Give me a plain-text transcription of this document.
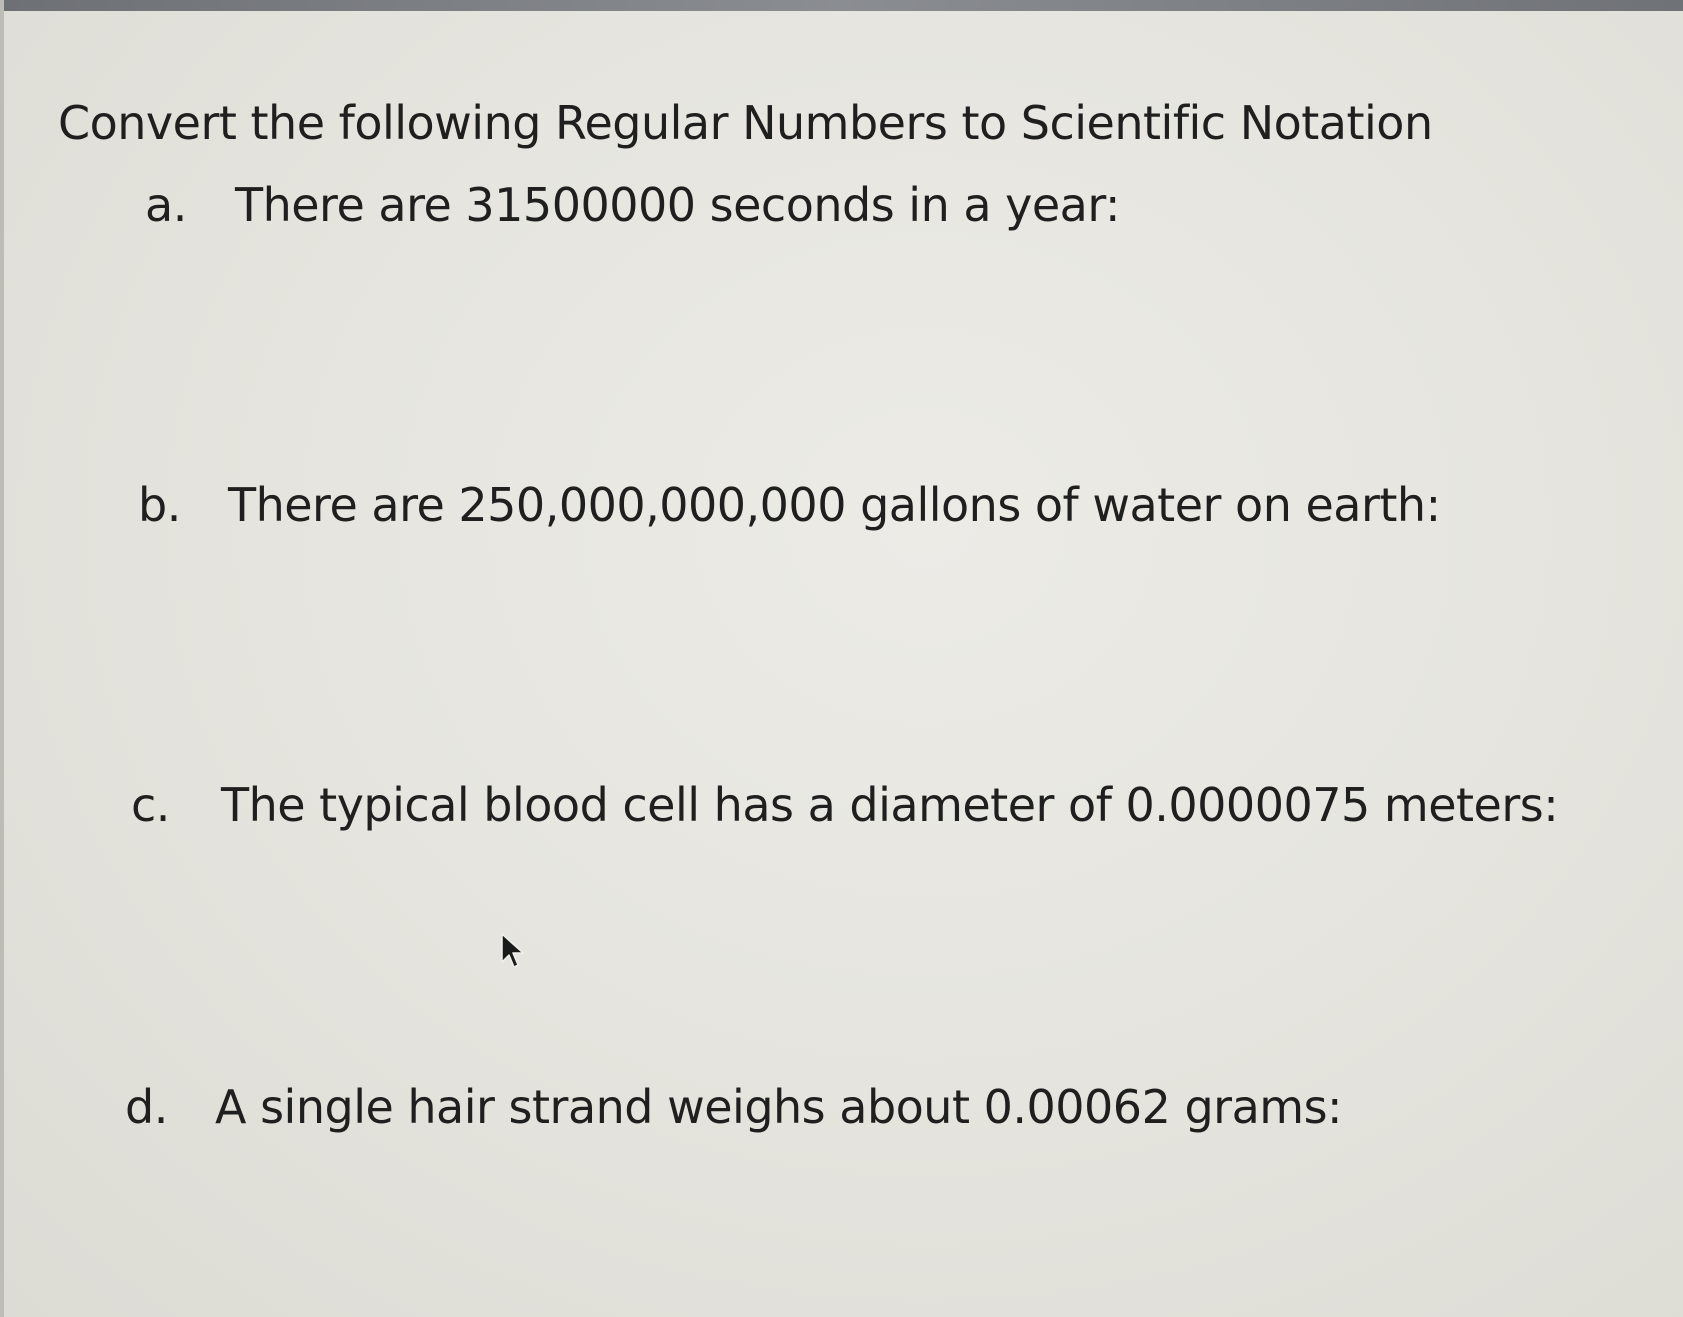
Convert the following Regular Numbers to Scientific Notation
a. There are 31500000 seconds in a year:
b. There are 250,000,000,000 gallons of water on earth:
c. The typical blood cell has a diameter of 0.0000075 meters:
d. A single hair strand weighs about 0.00062 grams:
